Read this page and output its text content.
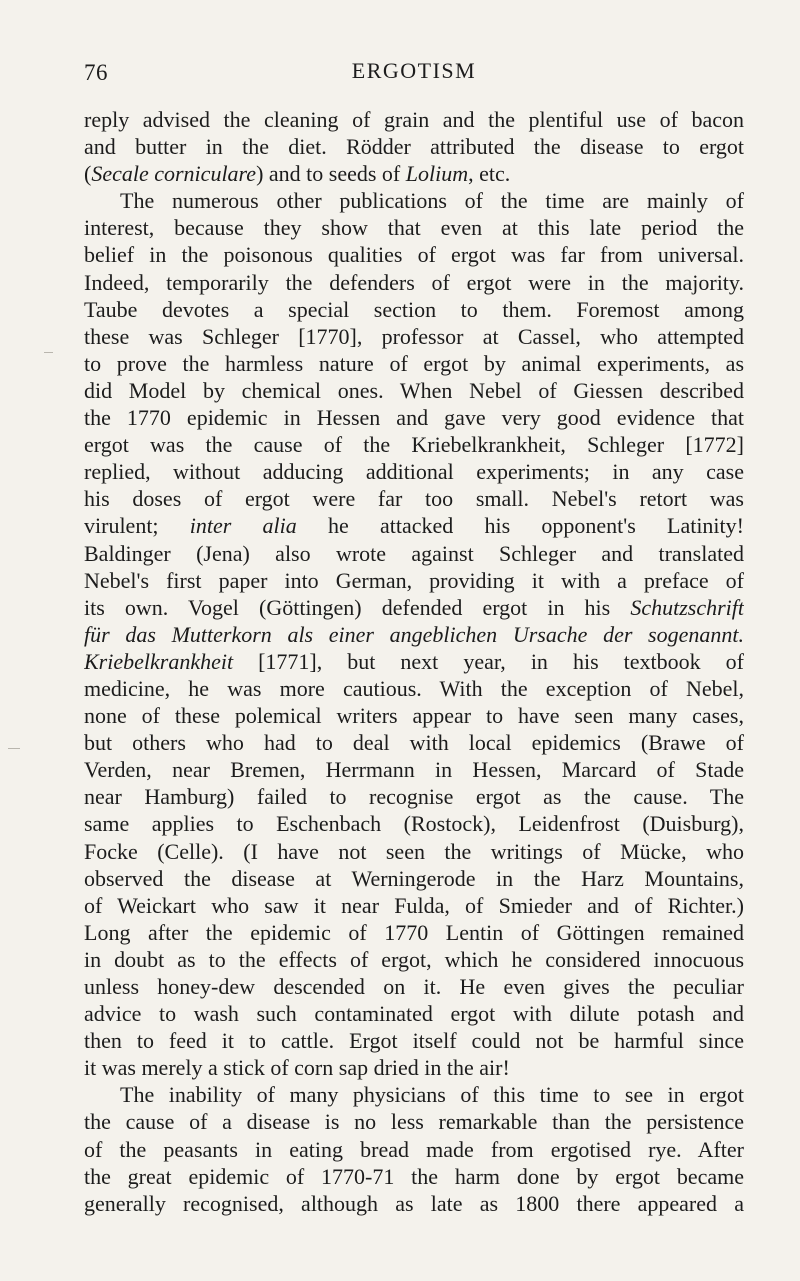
76	ERGOTISM
reply advised the cleaning of grain and the plentiful use of bacon
and butter in the diet. Rödder attributed the disease to ergot
(Secale corniculare) and to seeds of Lolium, etc.
The numerous other publications of the time are mainly of
interest, because they show that even at this late period the
belief in the poisonous qualities of ergot was far from universal.
Indeed, temporarily the defenders of ergot were in the majority.
Taube devotes a special section to them. Foremost among
these was Schleger [1770], professor at Cassel, who attempted
to prove the harmless nature of ergot by animal experiments, as
did Model by chemical ones. When Nebel of Giessen described
the 1770 epidemic in Hessen and gave very good evidence that
ergot was the cause of the Kriebelkrankheit, Schleger [1772]
replied, without adducing additional experiments; in any case
his doses of ergot were far too small. Nebel's retort was
virulent; inter alia he attacked his opponent's Latinity!
Baldinger (Jena) also wrote against Schleger and translated
Nebel's first paper into German, providing it with a preface of
its own. Vogel (Göttingen) defended ergot in his Schutzschrift
für das Mutterkorn als einer angeblichen Ursache der sogenannt.
Kriebelkrankheit [1771], but next year, in his textbook of
medicine, he was more cautious. With the exception of Nebel,
none of these polemical writers appear to have seen many cases,
but others who had to deal with local epidemics (Brawe of
Verden, near Bremen, Herrmann in Hessen, Marcard of Stade
near Hamburg) failed to recognise ergot as the cause. The
same applies to Eschenbach (Rostock), Leidenfrost (Duisburg),
Focke (Celle). (I have not seen the writings of Mücke, who
observed the disease at Werningerode in the Harz Mountains,
of Weickart who saw it near Fulda, of Smieder and of Richter.)
Long after the epidemic of 1770 Lentin of Göttingen remained
in doubt as to the effects of ergot, which he considered innocuous
unless honey-dew descended on it. He even gives the peculiar
advice to wash such contaminated ergot with dilute potash and
then to feed it to cattle. Ergot itself could not be harmful since
it was merely a stick of corn sap dried in the air!
The inability of many physicians of this time to see in ergot
the cause of a disease is no less remarkable than the persistence
of the peasants in eating bread made from ergotised rye. After
the great epidemic of 1770-71 the harm done by ergot became
generally recognised, although as late as 1800 there appeared a
